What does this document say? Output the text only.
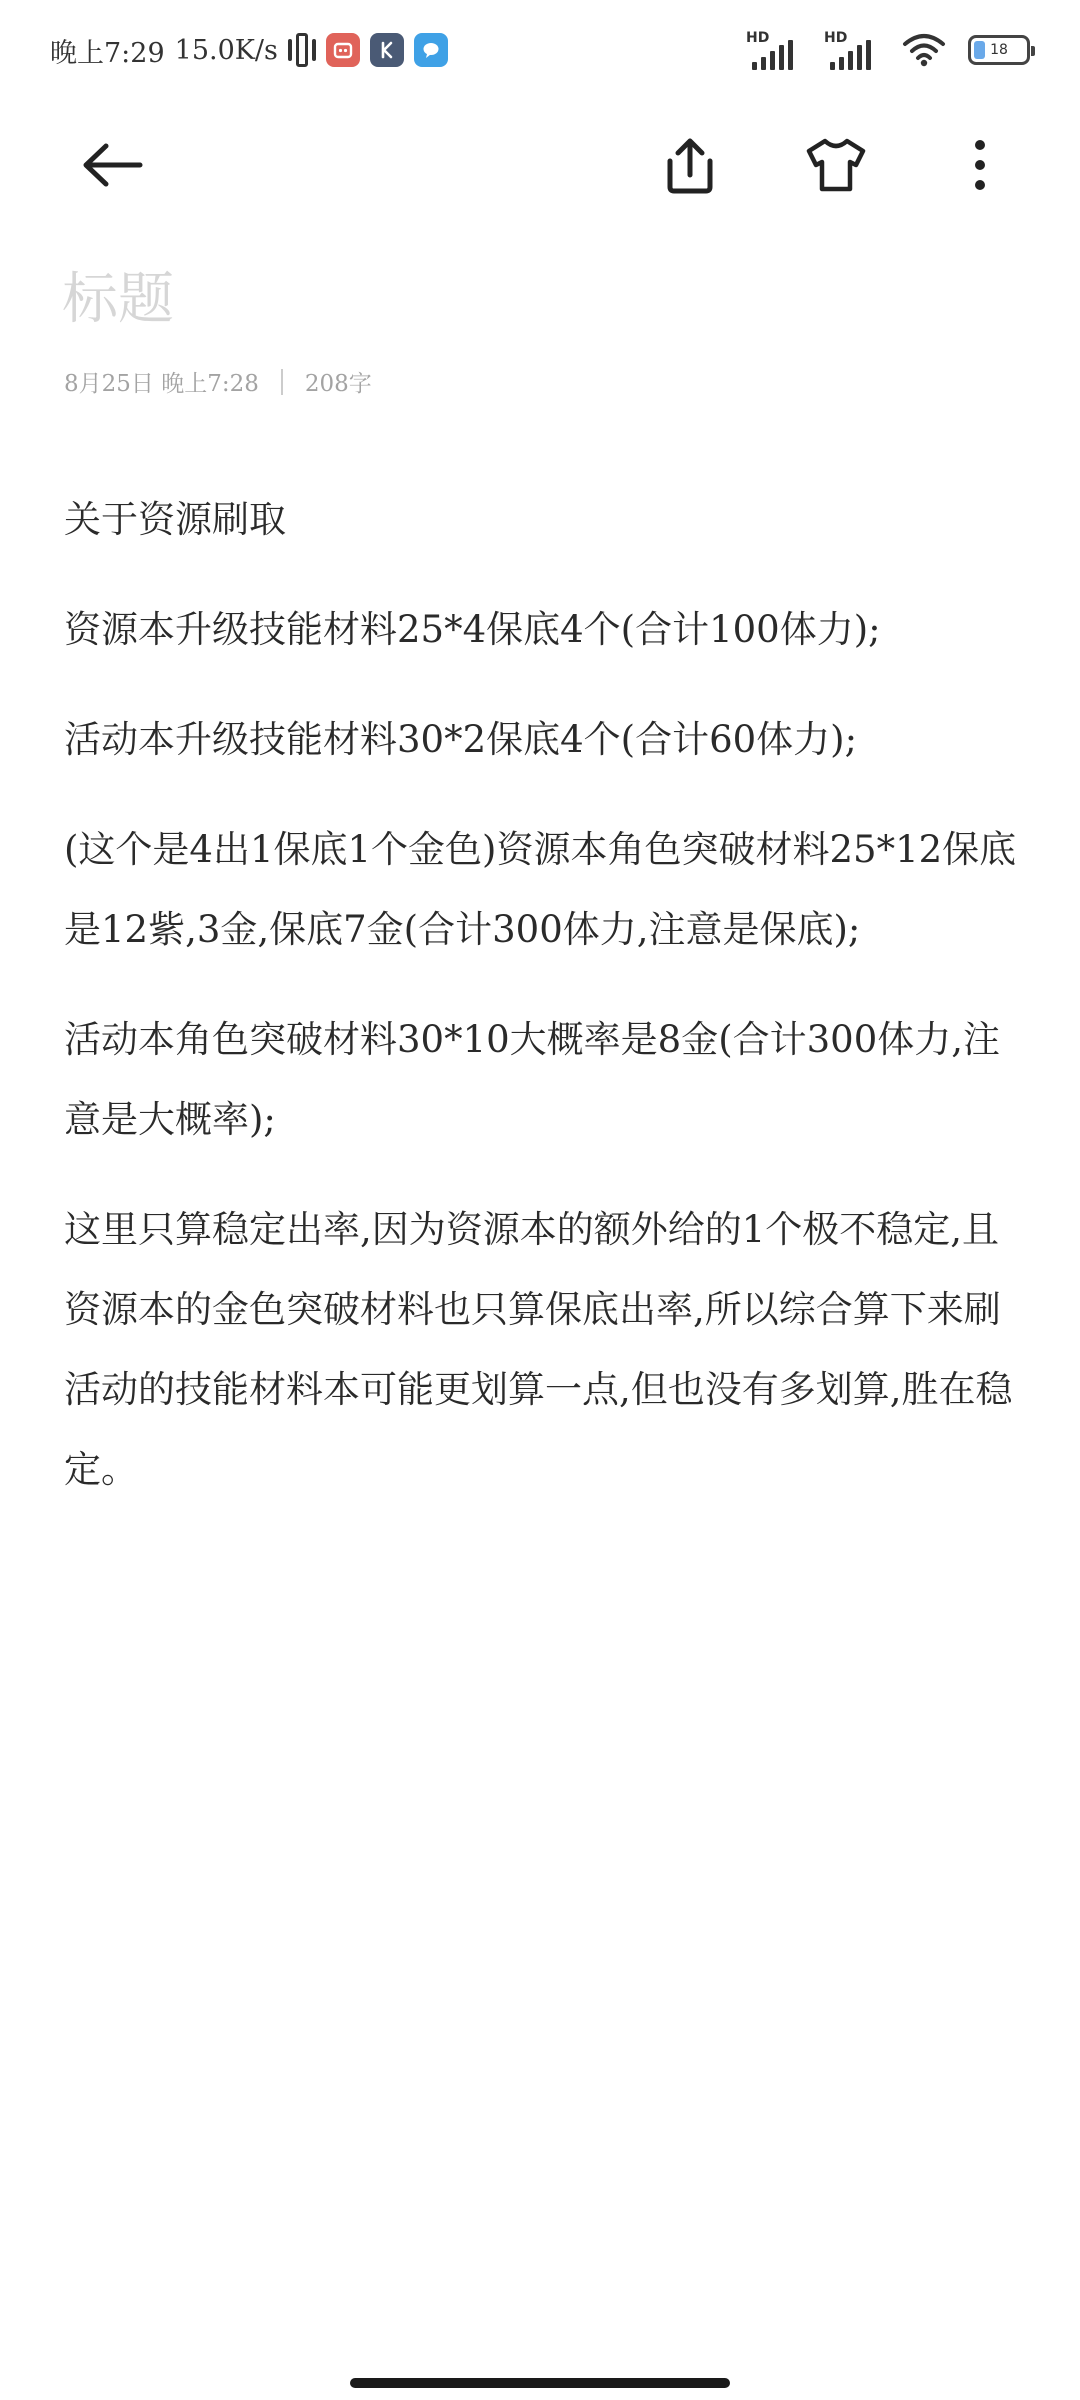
晚上7:29 15.0K/s	HD	HD
18
标题
8月25日 晚上7:28 208字

关于资源刷取

资源本升级技能材料25*4保底4个(合计100体力);

活动本升级技能材料30*2保底4个(合计60体力);

(这个是4出1保底1个金色)资源本角色突破材料25*12保底是12紫,3金,保底7金(合计300体力,注意是保底);

活动本角色突破材料30*10大概率是8金(合计300体力,注意是大概率);

这里只算稳定出率,因为资源本的额外给的1个极不稳定,且资源本的金色突破材料也只算保底出率,所以综合算下来刷活动的技能材料本可能更划算一点,但也没有多划算,胜在稳定。
